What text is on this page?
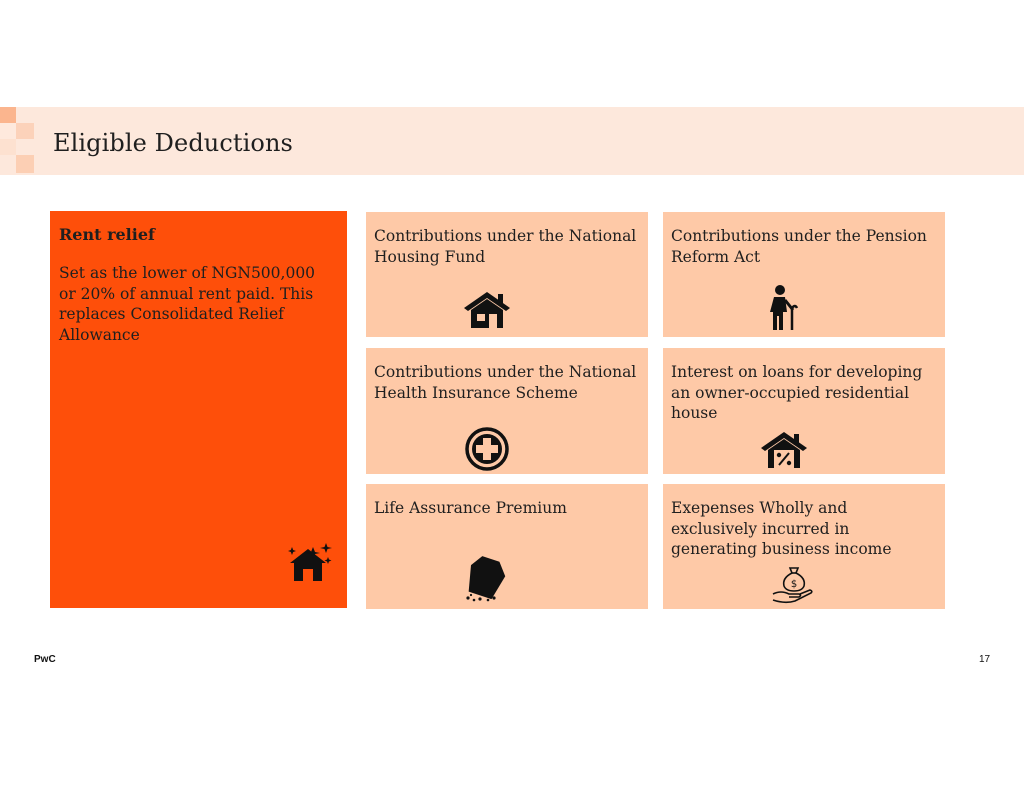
Eligible Deductions

Rent relief

Set as the lower of NGN500,000 or 20% of annual rent paid. This replaces Consolidated Relief Allowance

Contributions under the National Housing Fund

Contributions under the Pension Reform Act

Contributions under the National Health Insurance Scheme

Interest on loans for developing an owner-occupied residential house

Life Assurance Premium	Exepenses Wholly and exclusively incurred in generating business income

$
PwC	17
